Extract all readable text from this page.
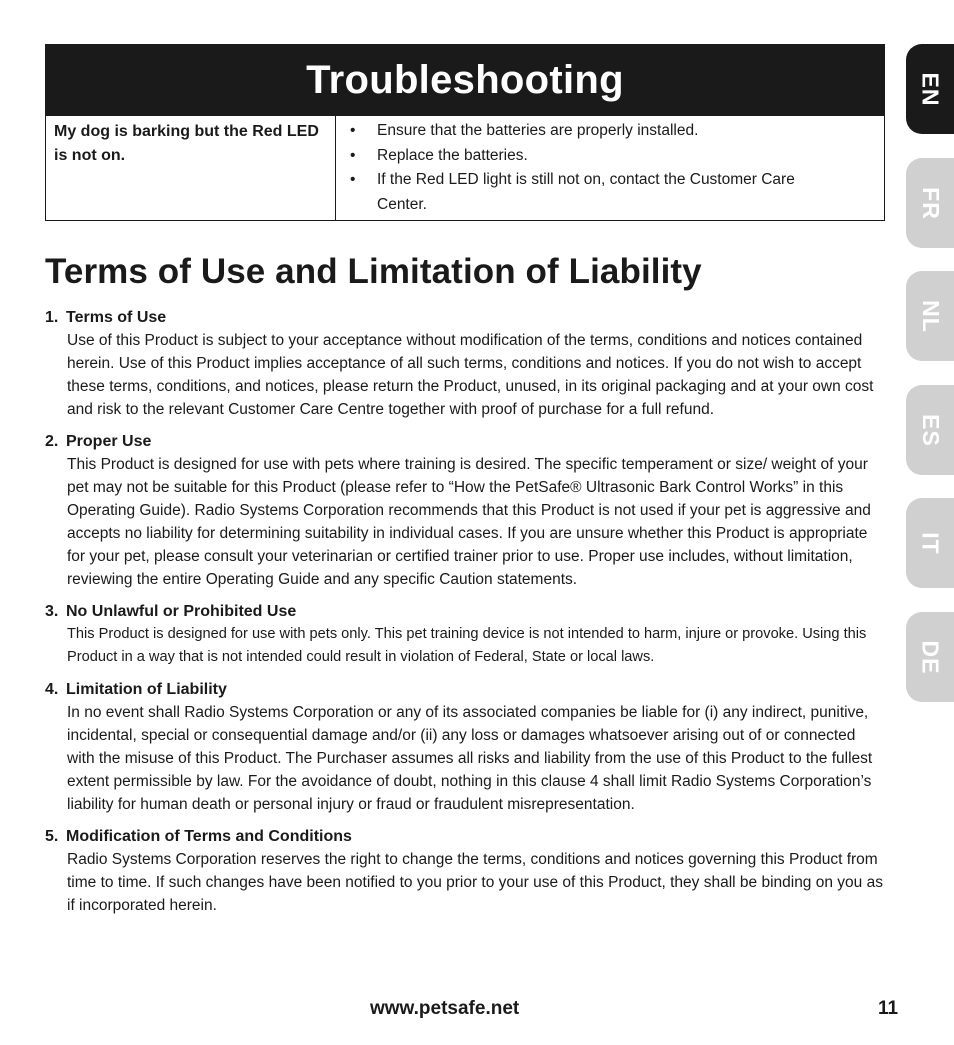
Troubleshooting
My dog is barking but the Red LED is not on.
• Ensure that the batteries are properly installed.
• Replace the batteries.
• If the Red LED light is still not on, contact the Customer Care Center.
Terms of Use and Limitation of Liability
1. Terms of Use
Use of this Product is subject to your acceptance without modification of the terms, conditions and notices contained herein. Use of this Product implies acceptance of all such terms, conditions and notices. If you do not wish to accept these terms, conditions, and notices, please return the Product, unused, in its original packaging and at your own cost and risk to the relevant Customer Care Centre together with proof of purchase for a full refund.
2. Proper Use
This Product is designed for use with pets where training is desired. The specific temperament or size/ weight of your pet may not be suitable for this Product (please refer to “How the PetSafe® Ultrasonic Bark Control Works” in this Operating Guide). Radio Systems Corporation recommends that this Product is not used if your pet is aggressive and accepts no liability for determining suitability in individual cases. If you are unsure whether this Product is appropriate for your pet, please consult your veterinarian or certified trainer prior to use. Proper use includes, without limitation, reviewing the entire Operating Guide and any specific Caution statements.
3. No Unlawful or Prohibited Use
This Product is designed for use with pets only. This pet training device is not intended to harm, injure or provoke. Using this Product in a way that is not intended could result in violation of Federal, State or local laws.
4. Limitation of Liability
In no event shall Radio Systems Corporation or any of its associated companies be liable for (i) any indirect, punitive, incidental, special or consequential damage and/or (ii) any loss or damages whatsoever arising out of or connected with the misuse of this Product. The Purchaser assumes all risks and liability from the use of this Product to the fullest extent permissible by law. For the avoidance of doubt, nothing in this clause 4 shall limit Radio Systems Corporation’s liability for human death or personal injury or fraud or fraudulent misrepresentation.
5. Modification of Terms and Conditions
Radio Systems Corporation reserves the right to change the terms, conditions and notices governing this Product from time to time. If such changes have been notified to you prior to your use of this Product, they shall be binding on you as if incorporated herein.
EN
FR
NL
ES
IT
DE
www.petsafe.net	11
